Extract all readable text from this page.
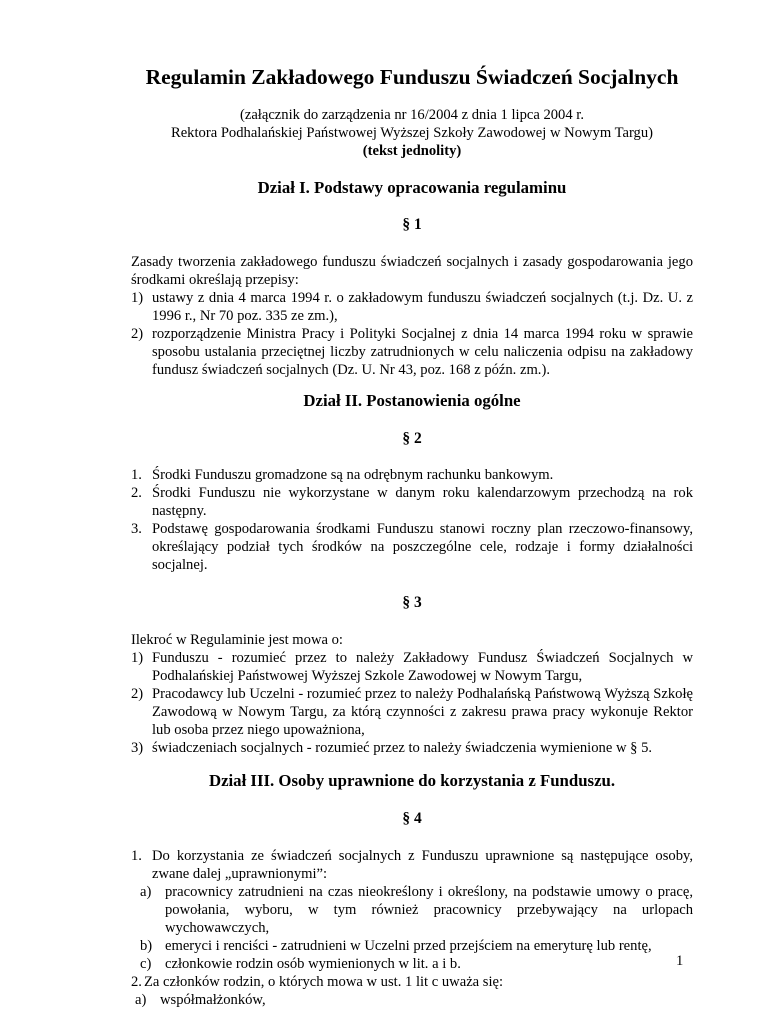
Regulamin Zakładowego Funduszu Świadczeń Socjalnych

(załącznik do zarządzenia nr 16/2004 z dnia 1 lipca 2004 r.

Rektora Podhalańskiej Państwowej Wyższej Szkoły Zawodowej w Nowym Targu)

(tekst jednolity)

Dział I. Podstawy opracowania regulaminu
§ 1

Zasady tworzenia zakładowego funduszu świadczeń socjalnych i zasady gospodarowania jego środkami określają przepisy:

1) ustawy z dnia 4 marca 1994 r. o zakładowym funduszu świadczeń socjalnych (t.j. Dz. U. z 1996 r., Nr 70 poz. 335 ze zm.),
2) rozporządzenie Ministra Pracy i Polityki Socjalnej z dnia 14 marca 1994 roku w sprawie sposobu ustalania przeciętnej liczby zatrudnionych w celu naliczenia odpisu na zakładowy fundusz świadczeń socjalnych (Dz. U. Nr 43, poz. 168 z późn. zm.).
Dział II. Postanowienia ogólne
§ 2
1. Środki Funduszu gromadzone są na odrębnym rachunku bankowym.
2. Środki Funduszu nie wykorzystane w danym roku kalendarzowym przechodzą na rok następny.
3. Podstawę gospodarowania środkami Funduszu stanowi roczny plan rzeczowo-finansowy, określający podział tych środków na poszczególne cele, rodzaje i formy działalności socjalnej.
§ 3

Ilekroć w Regulaminie jest mowa o:

1) Funduszu - rozumieć przez to należy Zakładowy Fundusz Świadczeń Socjalnych w Podhalańskiej Państwowej Wyższej Szkole Zawodowej w Nowym Targu,
2) Pracodawcy lub Uczelni - rozumieć przez to należy Podhalańską Państwową Wyższą Szkołę Zawodową w Nowym Targu, za którą czynności z zakresu prawa pracy wykonuje Rektor lub osoba przez niego upoważniona,
3) świadczeniach socjalnych - rozumieć przez to należy świadczenia wymienione w § 5.
Dział III. Osoby uprawnione do korzystania z Funduszu.
§ 4
1. Do korzystania ze świadczeń socjalnych z Funduszu uprawnione są następujące osoby, zwane dalej „uprawnionymi”:
a) pracownicy zatrudnieni na czas nieokreślony i określony, na podstawie umowy o pracę, powołania, wyboru, w tym również pracownicy przebywający na urlopach wychowawczych,
b) emeryci i renciści - zatrudnieni w Uczelni przed przejściem na emeryturę lub rentę,
c) członkowie rodzin osób wymienionych w lit. a i b.
2. Za członków rodzin, o których mowa w ust. 1 lit c uważa się:
a) współmałżonków,
1
